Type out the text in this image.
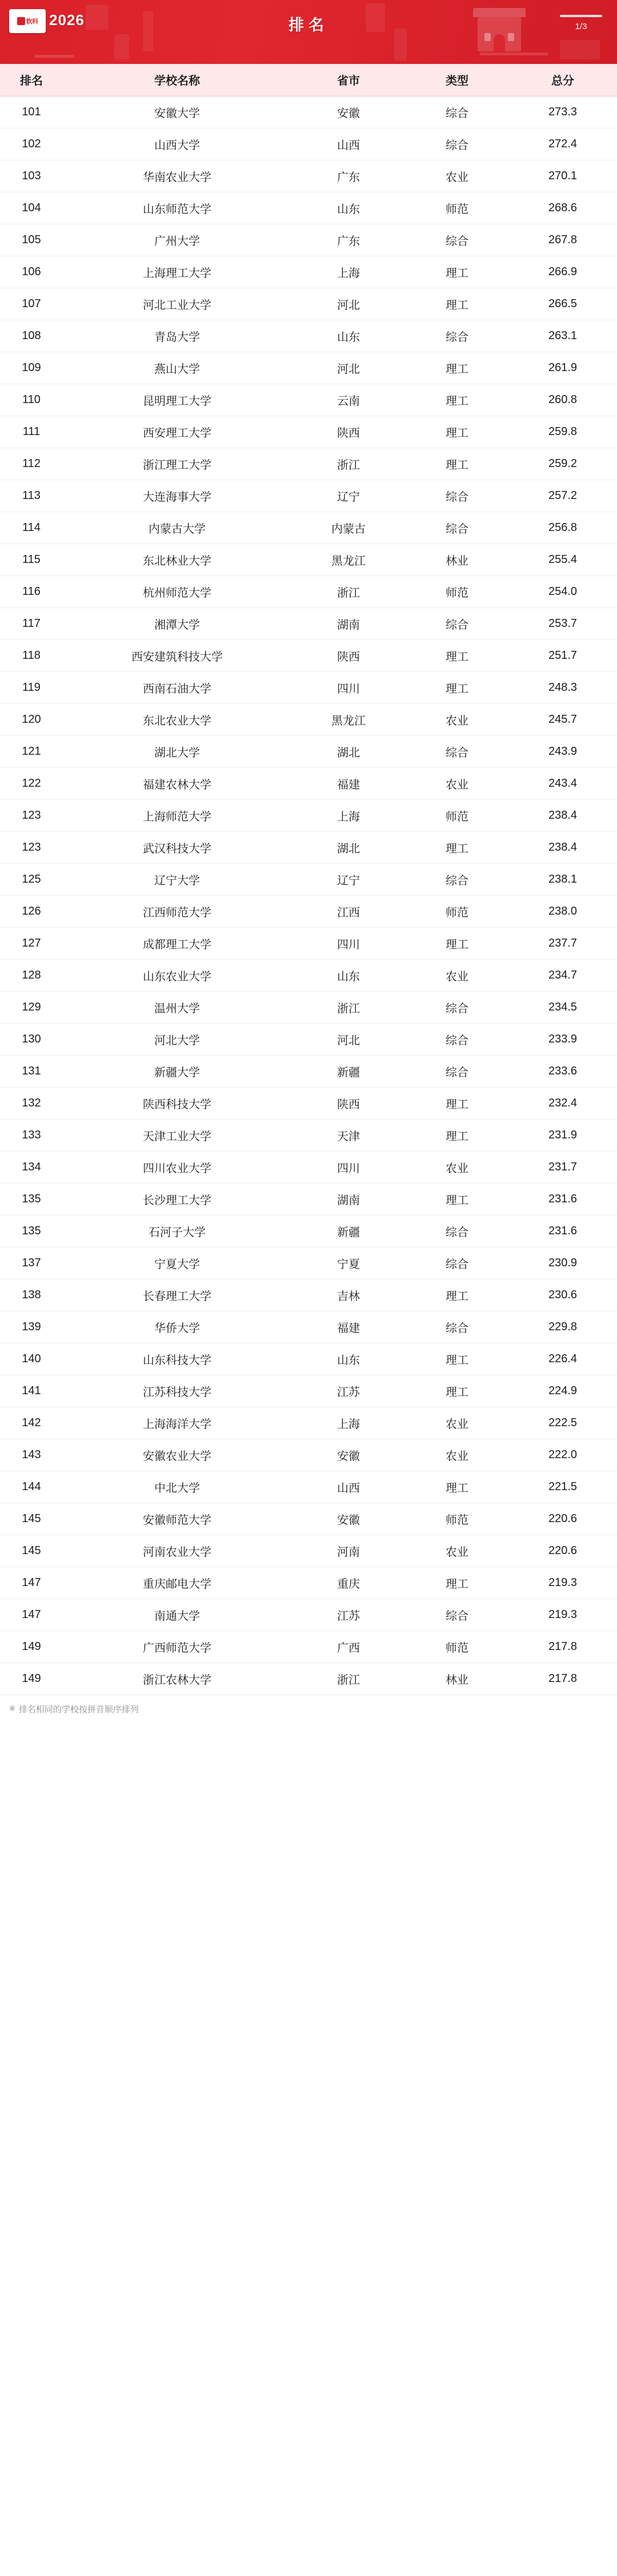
软科 2026	排名	1/3
排名	学校名称	省市	类型	总分
101	安徽大学	安徽	综合	273.3
102	山西大学	山西	综合	272.4
103	华南农业大学	广东	农业	270.1
104	山东师范大学	山东	师范	268.6
105	广州大学	广东	综合	267.8
106	上海理工大学	上海	理工	266.9
107	河北工业大学	河北	理工	266.5
108	青岛大学	山东	综合	263.1
109	燕山大学	河北	理工	261.9
110	昆明理工大学	云南	理工	260.8
111	西安理工大学	陕西	理工	259.8
112	浙江理工大学	浙江	理工	259.2
113	大连海事大学	辽宁	综合	257.2
114	内蒙古大学	内蒙古	综合	256.8
115	东北林业大学	黑龙江	林业	255.4
116	杭州师范大学	浙江	师范	254.0
117	湘潭大学	湖南	综合	253.7
118	西安建筑科技大学	陕西	理工	251.7
119	西南石油大学	四川	理工	248.3
120	东北农业大学	黑龙江	农业	245.7
121	湖北大学	湖北	综合	243.9
122	福建农林大学	福建	农业	243.4
123	上海师范大学	上海	师范	238.4
123	武汉科技大学	湖北	理工	238.4
125	辽宁大学	辽宁	综合	238.1
126	江西师范大学	江西	师范	238.0
127	成都理工大学	四川	理工	237.7
128	山东农业大学	山东	农业	234.7
129	温州大学	浙江	综合	234.5
130	河北大学	河北	综合	233.9
131	新疆大学	新疆	综合	233.6
132	陕西科技大学	陕西	理工	232.4
133	天津工业大学	天津	理工	231.9
134	四川农业大学	四川	农业	231.7
135	长沙理工大学	湖南	理工	231.6
135	石河子大学	新疆	综合	231.6
137	宁夏大学	宁夏	综合	230.9
138	长春理工大学	吉林	理工	230.6
139	华侨大学	福建	综合	229.8
140	山东科技大学	山东	理工	226.4
141	江苏科技大学	江苏	理工	224.9
142	上海海洋大学	上海	农业	222.5
143	安徽农业大学	安徽	农业	222.0
144	中北大学	山西	理工	221.5
145	安徽师范大学	安徽	师范	220.6
145	河南农业大学	河南	农业	220.6
147	重庆邮电大学	重庆	理工	219.3
147	南通大学	江苏	综合	219.3
149	广西师范大学	广西	师范	217.8
149	浙江农林大学	浙江	林业	217.8
※ 排名相同的学校按拼音顺序排列
